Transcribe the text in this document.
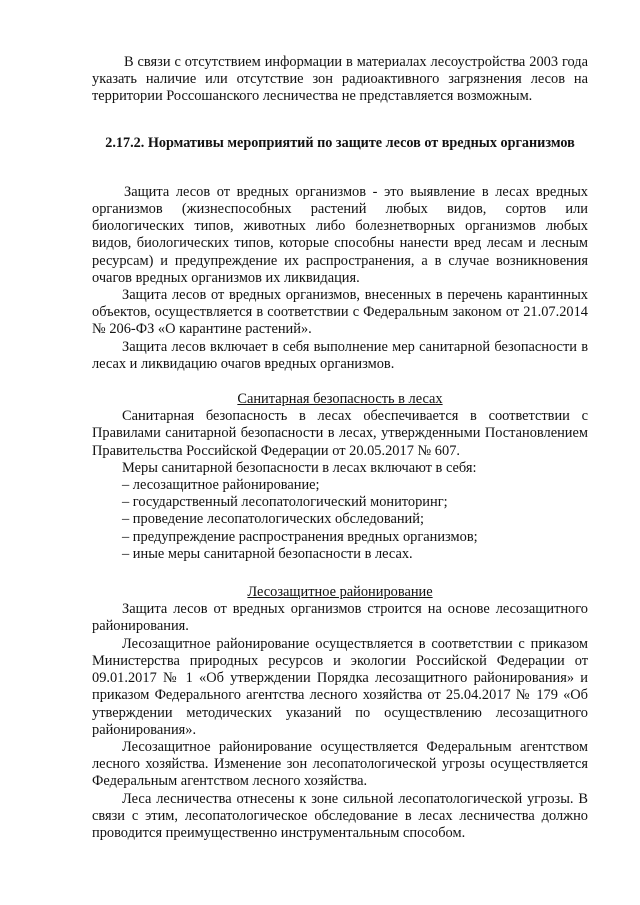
В связи с отсутствием информации в материалах лесоустройства 2003 года указать наличие или отсутствие зон радиоактивного загрязнения лесов на территории Россошанского лесничества не представляется возможным.

2.17.2. Нормативы мероприятий по защите лесов от вредных организмов

Защита лесов от вредных организмов - это выявление в лесах вредных организмов (жизнеспособных растений любых видов, сортов или биологических типов, животных либо болезнетворных организмов любых видов, биологических типов, которые способны нанести вред лесам и лесным ресурсам) и предупреждение их распространения, а в случае возникновения очагов вредных организмов их ликвидация.

Защита лесов от вредных организмов, внесенных в перечень карантинных объектов, осуществляется в соответствии с Федеральным законом от 21.07.2014 № 206-ФЗ «О карантине растений».

Защита лесов включает в себя выполнение мер санитарной безопасности в лесах и ликвидацию очагов вредных организмов.

Санитарная безопасность в лесах

Санитарная безопасность в лесах обеспечивается в соответствии с Правилами санитарной безопасности в лесах, утвержденными Постановлением Правительства Российской Федерации от 20.05.2017 № 607.

Меры санитарной безопасности в лесах включают в себя:

– лесозащитное районирование;
– государственный лесопатологический мониторинг;
– проведение лесопатологических обследований;
– предупреждение распространения вредных организмов;
– иные меры санитарной безопасности в лесах.

Лесозащитное районирование

Защита лесов от вредных организмов строится на основе лесозащитного районирования.

Лесозащитное районирование осуществляется в соответствии с приказом Министерства природных ресурсов и экологии Российской Федерации от 09.01.2017 № 1 «Об утверждении Порядка лесозащитного районирования» и приказом Федерального агентства лесного хозяйства от 25.04.2017 № 179 «Об утверждении методических указаний по осуществлению лесозащитного районирования».

Лесозащитное районирование осуществляется Федеральным агентством лесного хозяйства. Изменение зон лесопатологической угрозы осуществляется Федеральным агентством лесного хозяйства.

Леса лесничества отнесены к зоне сильной лесопатологической угрозы. В связи с этим, лесопатологическое обследование в лесах лесничества должно проводится преимущественно инструментальным способом.
